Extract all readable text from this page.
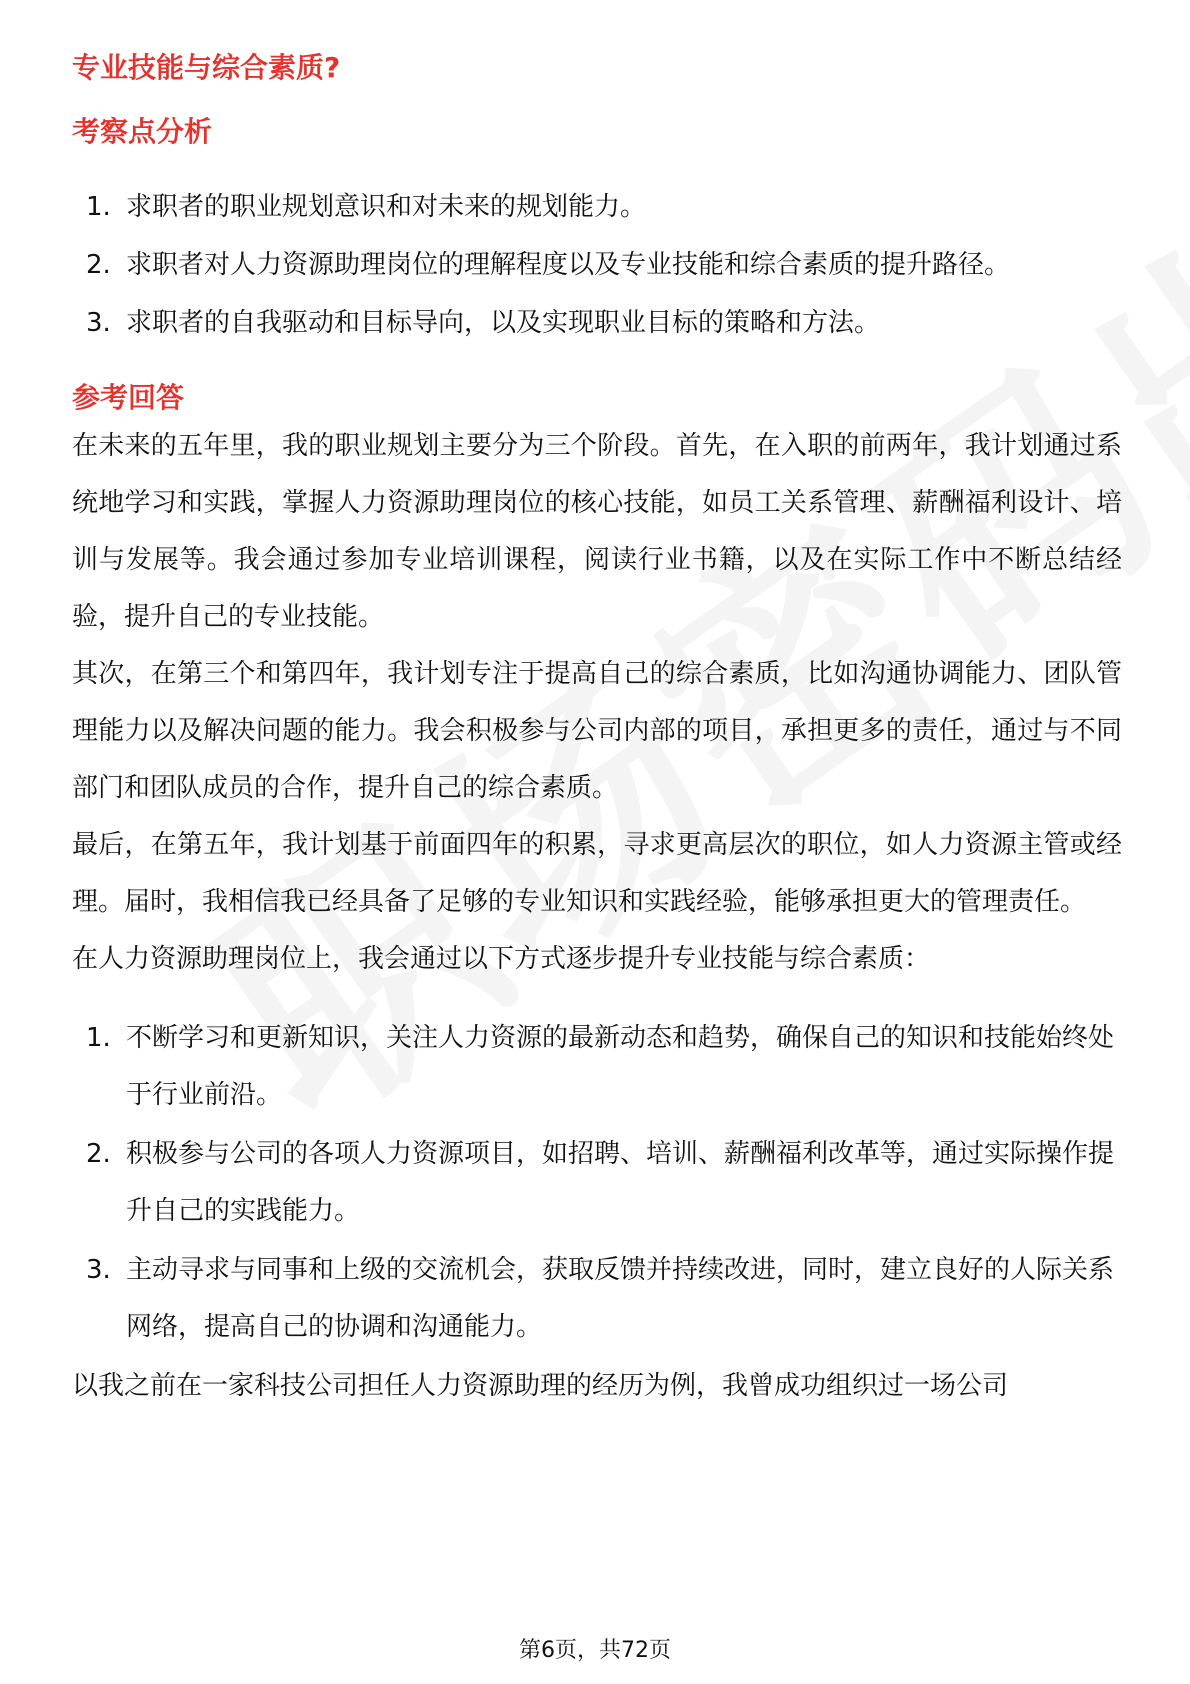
专业技能与综合素质?
考察点分析
1. 求职者的职业规划意识和对未来的规划能力。
2. 求职者对人力资源助理岗位的理解程度以及专业技能和综合素质的提升路径。
3. 求职者的自我驱动和目标导向，以及实现职业目标的策略和方法。
参考回答

在未来的五年里，我的职业规划主要分为三个阶段。首先，在入职的前两年，我计划通过系统地学习和实践，掌握人力资源助理岗位的核心技能，如员工关系管理、薪酬福利设计、培训与发展等。我会通过参加专业培训课程，阅读行业书籍，以及在实际工作中不断总结经验，提升自己的专业技能。

其次，在第三个和第四年，我计划专注于提高自己的综合素质，比如沟通协调能力、团队管理能力以及解决问题的能力。我会积极参与公司内部的项目，承担更多的责任，通过与不同部门和团队成员的合作，提升自己的综合素质。

最后，在第五年，我计划基于前面四年的积累，寻求更高层次的职位，如人力资源主管或经理。届时，我相信我已经具备了足够的专业知识和实践经验，能够承担更大的管理责任。

在人力资源助理岗位上，我会通过以下方式逐步提升专业技能与综合素质：

1. 不断学习和更新知识，关注人力资源的最新动态和趋势，确保自己的知识和技能始终处于行业前沿。
2. 积极参与公司的各项人力资源项目，如招聘、培训、薪酬福利改革等，通过实际操作提升自己的实践能力。
3. 主动寻求与同事和上级的交流机会，获取反馈并持续改进，同时，建立良好的人际关系网络，提高自己的协调和沟通能力。

以我之前在一家科技公司担任人力资源助理的经历为例，我曾成功组织过一场公司

第6页，共72页
